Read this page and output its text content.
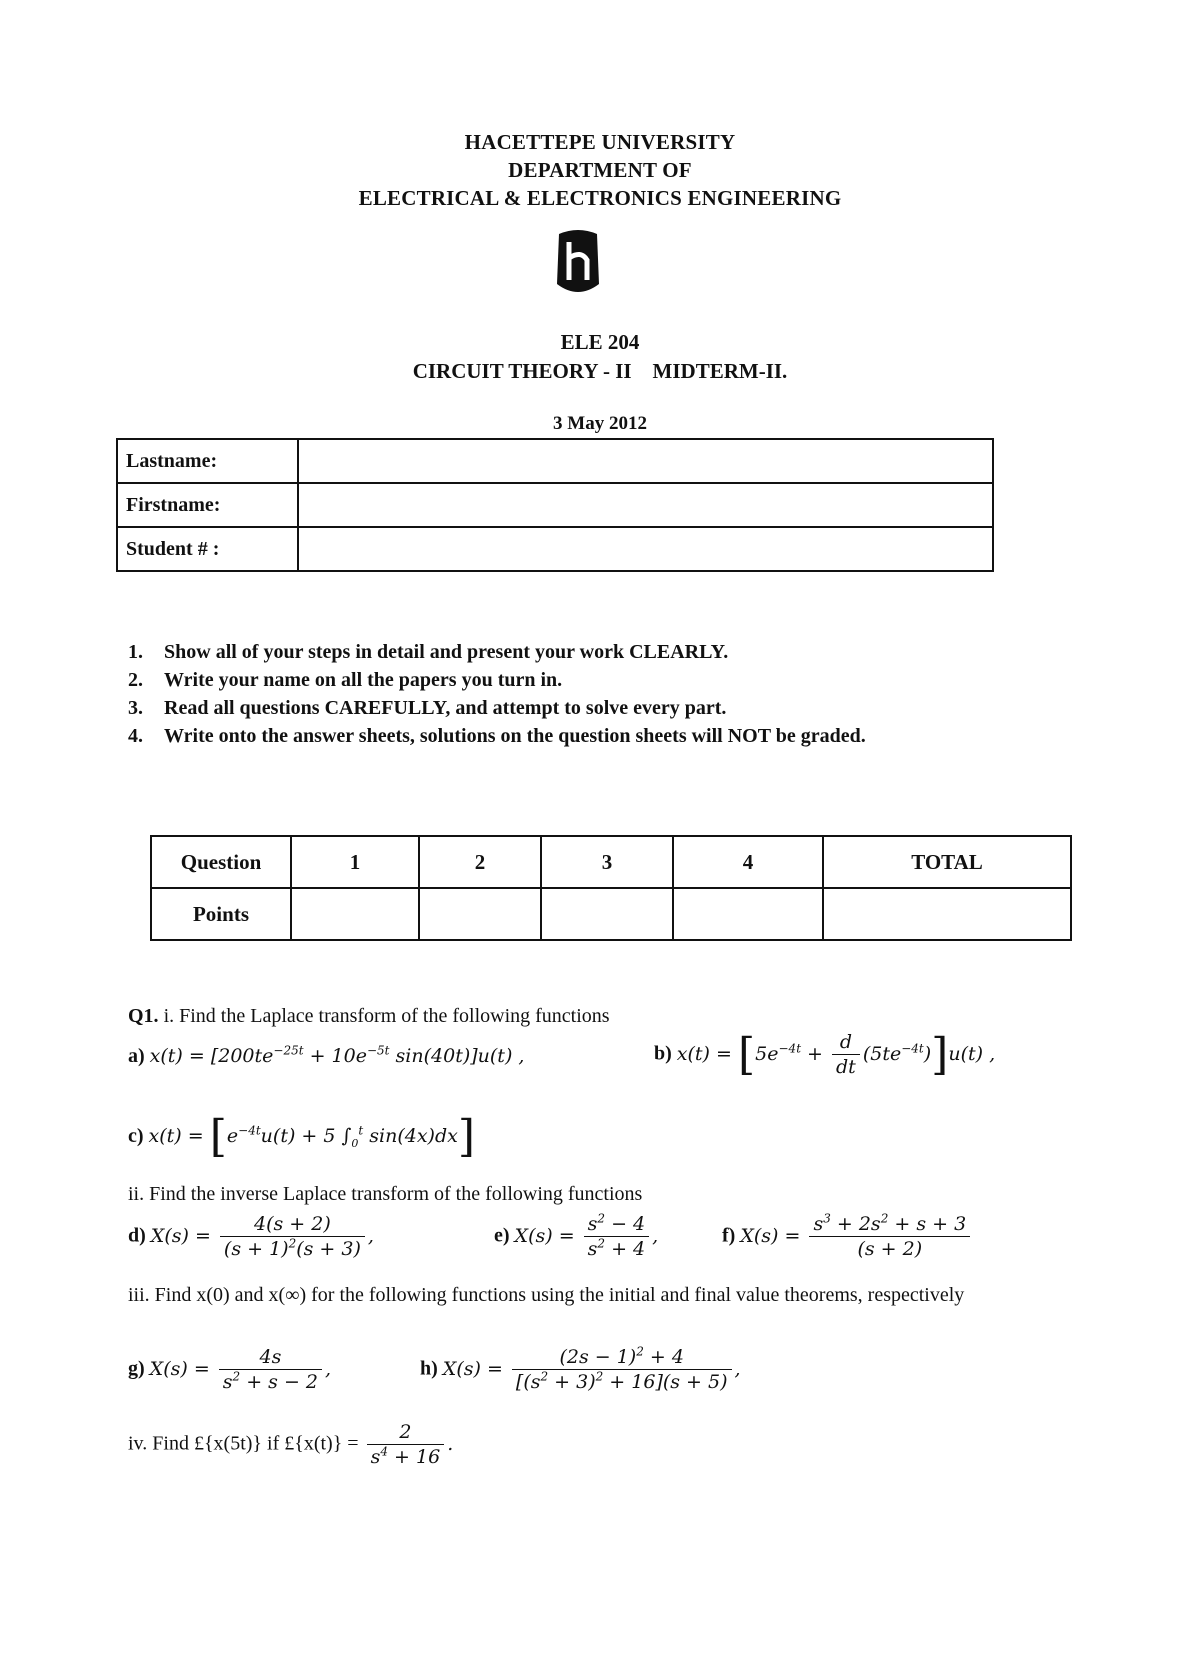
HACETTEPE UNIVERSITY
DEPARTMENT OF
ELECTRICAL & ELECTRONICS ENGINEERING
ELE 204
CIRCUIT THEORY - II    MIDTERM-II.
3 May 2012
Lastname:	
Firstname:	
Student # :	
1.	Show all of your steps in detail and present your work CLEARLY.
2.	Write your name on all the papers you turn in.
3.	Read all questions CAREFULLY, and attempt to solve every part.
4.	Write onto the answer sheets, solutions on the question sheets will NOT be graded.
Question	1	2	3	4	TOTAL
Points					
Q1. i. Find the Laplace transform of the following functions
a) $x(t) = [200te^{-25t} + 10e^{-5t}$ sin(40t)]u(t) ,	b) $x(t) = [5e^{-4t} + \frac{d}{dt} (5te^{-4t})]u(t)$ ,
c) $x(t) = [e^{-4t}u(t) + 5$ $\int_0^t$ sin(4x)dx]
ii. Find the inverse Laplace transform of the following functions
d) $X(s) = \frac{4(s + 2)}{(s + 1)^2(s + 3)}$ ,	e) $X(s) = \frac{s^2 - 4}{s^2 + 4}$ ,	f) $X(s) = \frac{s^3 + 2s^2 + s + 3}{(s + 2)}$
iii. Find x(0) and x(∞) for the following functions using the initial and final value theorems, respectively
g) $X(s) = \frac{4s}{s^2 + s - 2}$ ,	h) $X(s) = \frac{(2s - 1)^2 + 4}{[(s^2 + 3)^2 + 16](s + 5)}$ ,
iv. Find £{x(5t)} if £{x(t)} = $\frac{2}{s^4 + 16}$ .
